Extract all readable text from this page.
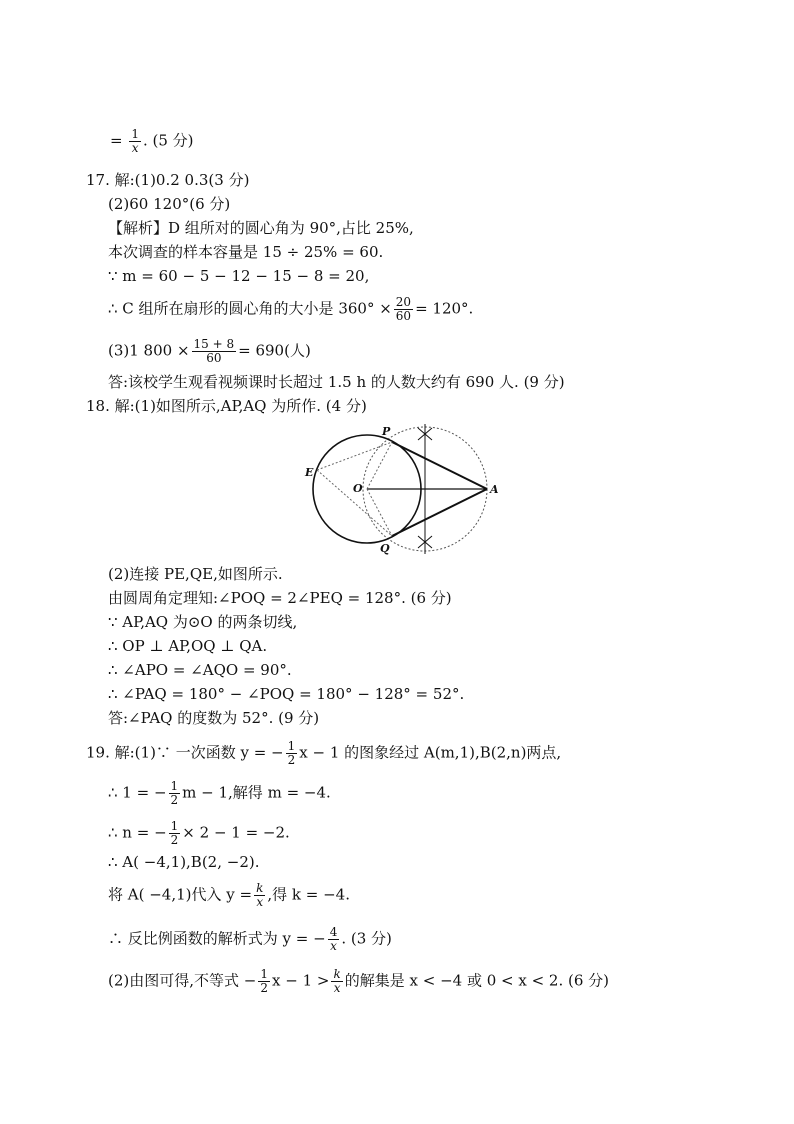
= $\frac{1}{x}$ . (5 分)
17. 解:(1)0.2 0.3(3 分)
(2)60 120°(6 分)
【解析】D 组所对的圆心角为 90°,占比 25%,
本次调查的样本容量是 15 ÷ 25% = 60.
∵ m = 60 − 5 − 12 − 15 − 8 = 20,
∴ C 组所在扇形的圆心角的大小是 $360^\circ \times \frac{20}{60} = 120^\circ$.
(3)1 $800 \times \frac{15 + 8}{60} = 690$(人)
答:该校学生观看视频课时长超过 1.5 h 的人数大约有 690 人. (9 分)
18. 解:(1)如图所示,AP,AQ 为所作. (4 分)
P
Q
E
O	A
(2)连接 PE,QE,如图所示.
由圆周角定理知:∠POQ = 2∠PEQ = 128°. (6 分)
∵ AP,AQ 为⊙O 的两条切线,
∴ OP ⊥ AP,OQ ⊥ QA.
∴ ∠APO = ∠AQO = 90°.
∴ ∠PAQ = 180° − ∠POQ = 180° − 128° = 52°.
答:∠PAQ 的度数为 52°. (9 分)
19. 解:(1)∵ 一次函数 y = − $\frac{1}{2}$ x − 1 的图象经过 A(m,1),B(2,n)两点,
∴ 1 = − $\frac{1}{2}$ m − 1,解得 m = −4.
∴ n = − $\frac{1}{2} \times 2 - 1 = -2$.
∴ A( −4,1),B(2, −2).
将 A( −4,1)代入 $y = \frac{k}{x}$ ,得 k = −4.
∴ 反比例函数的解析式为 y = − $\frac{4}{x}$ . (3 分)
(2)由图可得,不等式 − $\frac{1}{2}$ $x - 1 > \frac{k}{x}$ 的解集是 x < −4 或 0 < x < 2. (6 分)
